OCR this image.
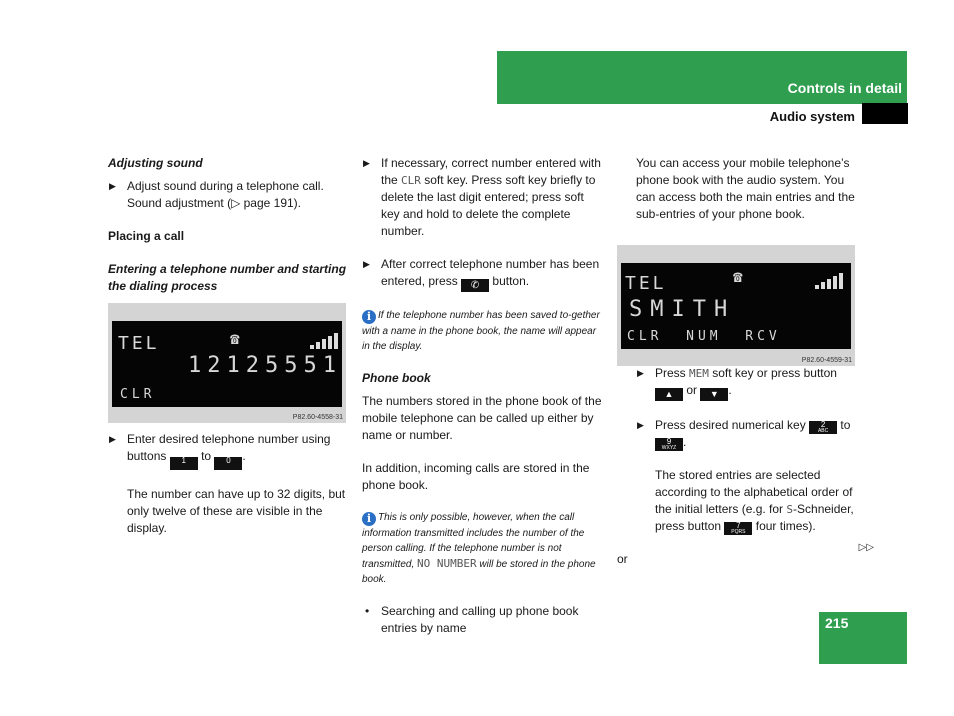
Controls in detail
Audio system

Adjusting sound

▶ Adjust sound during a telephone call. Sound adjustment (▷ page 191).

Placing a call

Entering a telephone number and starting the dialing process

▶ Enter desired telephone number using buttons 1 to 0 .

The number can have up to 32 digits, but only twelve of these are visible in the display.

TEL	☎
12125551
CLR
P82.60-4558-31
▶ If necessary, correct number entered with the CLR soft key. Press soft key briefly to delete the last digit entered; press soft key and hold to delete the complete number.
▶ After correct telephone number has been entered, press ✆ button.
i If the telephone number has been saved to-gether with a name in the phone book, the name will appear in the display.

Phone book

The numbers stored in the phone book of the mobile telephone can be called up either by name or number.

In addition, incoming calls are stored in the phone book.

i This is only possible, however, when the call information transmitted includes the number of the person calling. If the telephone number is not transmitted, NO NUMBER will be stored in the phone book.
• Searching and calling up phone book entries by name

You can access your mobile telephone’s phone book with the audio system. You can access both the main entries and the sub-entries of your phone book.

▶ Press MEM soft key or press button ▲ or ▼ .
▶ Press desired numerical key 2
ABC	to 9
WXYZ .

The stored entries are selected according to the alphabetical order of the initial letters (e.g. for S-Schneider, press button 7
PQRS four times).

or

TEL	☎
SMITH
CLR  NUM  RCV
P82.60-4559-31
▷▷
215
